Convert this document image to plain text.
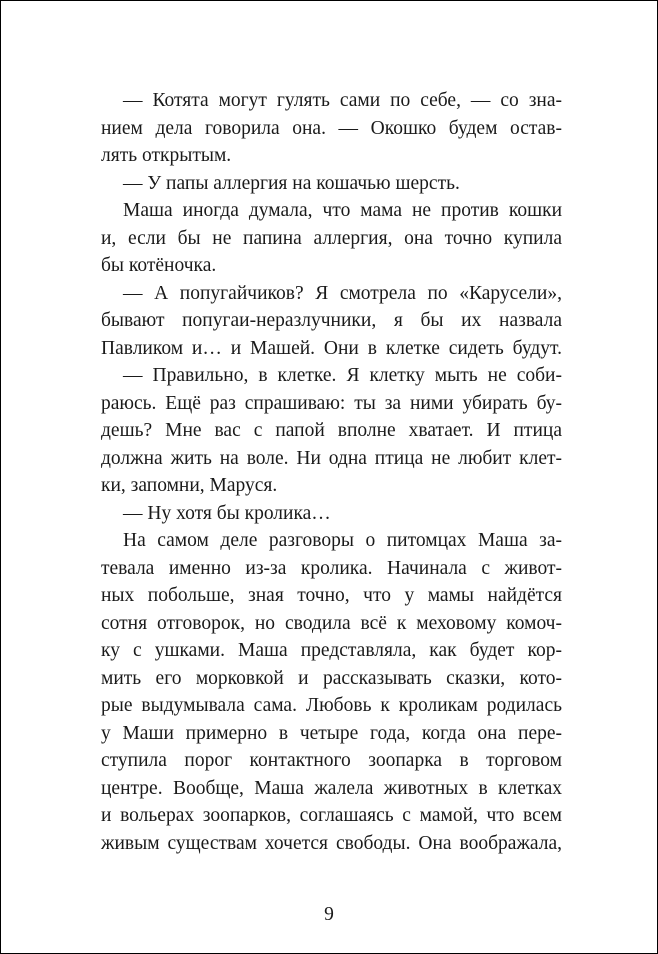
— Котята могут гулять сами по себе, — со зна-
нием дела говорила она. — Окошко будем остав-
лять открытым.
— У папы аллергия на кошачью шерсть.
Маша иногда думала, что мама не против кошки
и, если бы не папина аллергия, она точно купила
бы котёночка.
— А попугайчиков? Я смотрела по «Карусели»,
бывают попугаи-неразлучники, я бы их назвала
Павликом и… и Машей. Они в клетке сидеть будут.
— Правильно, в клетке. Я клетку мыть не соби-
раюсь. Ещё раз спрашиваю: ты за ними убирать бу-
дешь? Мне вас с папой вполне хватает. И птица
должна жить на воле. Ни одна птица не любит клет-
ки, запомни, Маруся.
— Ну хотя бы кролика…
На самом деле разговоры о питомцах Маша за-
тевала именно из-за кролика. Начинала с живот-
ных побольше, зная точно, что у мамы найдётся
сотня отговорок, но сводила всё к меховому комоч-
ку с ушками. Маша представляла, как будет кор-
мить его морковкой и рассказывать сказки, кото-
рые выдумывала сама. Любовь к кроликам родилась
у Маши примерно в четыре года, когда она пере-
ступила порог контактного зоопарка в торговом
центре. Вообще, Маша жалела животных в клетках
и вольерах зоопарков, соглашаясь с мамой, что всем
живым существам хочется свободы. Она воображала,
9
